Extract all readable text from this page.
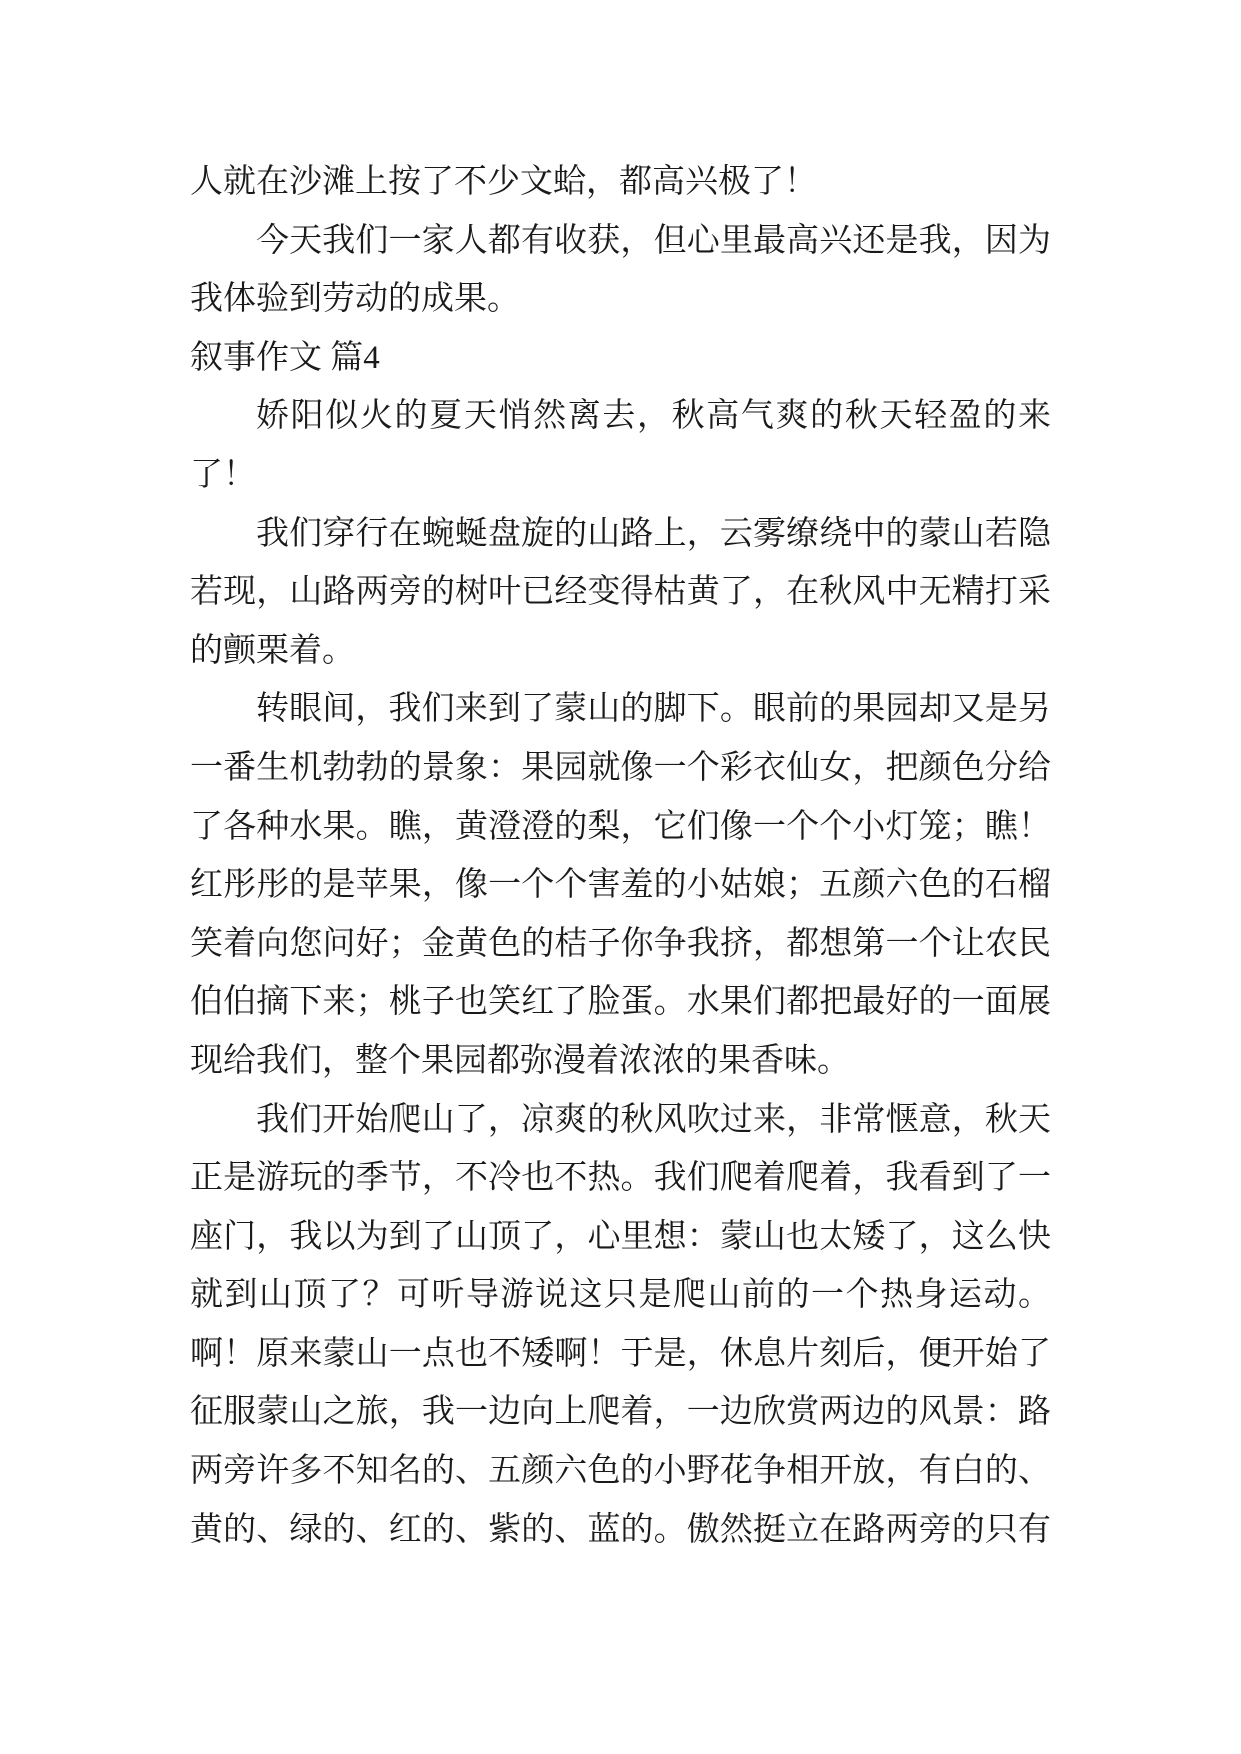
人就在沙滩上按了不少文蛤，都高兴极了！
今天我们一家人都有收获，但心里最高兴还是我，因为
我体验到劳动的成果。
叙事作文 篇4
娇阳似火的夏天悄然离去，秋高气爽的秋天轻盈的来
了！
我们穿行在蜿蜒盘旋的山路上，云雾缭绕中的蒙山若隐
若现，山路两旁的树叶已经变得枯黄了，在秋风中无精打采
的颤栗着。
转眼间，我们来到了蒙山的脚下。眼前的果园却又是另
一番生机勃勃的景象：果园就像一个彩衣仙女，把颜色分给
了各种水果。瞧，黄澄澄的梨，它们像一个个小灯笼；瞧！
红彤彤的是苹果，像一个个害羞的小姑娘；五颜六色的石榴
笑着向您问好；金黄色的桔子你争我挤，都想第一个让农民
伯伯摘下来；桃子也笑红了脸蛋。水果们都把最好的一面展
现给我们，整个果园都弥漫着浓浓的果香味。
我们开始爬山了，凉爽的秋风吹过来，非常惬意，秋天
正是游玩的季节，不冷也不热。我们爬着爬着，我看到了一
座门，我以为到了山顶了，心里想：蒙山也太矮了，这么快
就到山顶了？可听导游说这只是爬山前的一个热身运动。
啊！原来蒙山一点也不矮啊！于是，休息片刻后，便开始了
征服蒙山之旅，我一边向上爬着，一边欣赏两边的风景：路
两旁许多不知名的、五颜六色的小野花争相开放，有白的、
黄的、绿的、红的、紫的、蓝的。傲然挺立在路两旁的只有
